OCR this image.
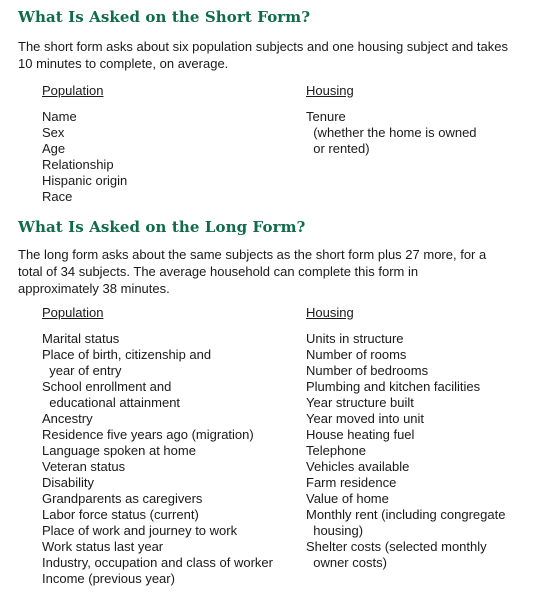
What Is Asked on the Short Form?

The short form asks about six population subjects and one housing subject and takes 10 minutes to complete, on average.

Population
Name
Sex
Age
Relationship
Hispanic origin
Race
Housing
Tenure
(whether the home is owned
or rented)
What Is Asked on the Long Form?

The long form asks about the same subjects as the short form plus 27 more, for a total of 34 subjects. The average household can complete this form in approximately 38 minutes.

Population
Marital status
Place of birth, citizenship and
year of entry
School enrollment and
educational attainment
Ancestry
Residence five years ago (migration)
Language spoken at home
Veteran status
Disability
Grandparents as caregivers
Labor force status (current)
Place of work and journey to work
Work status last year
Industry, occupation and class of worker
Income (previous year)
Housing
Units in structure
Number of rooms
Number of bedrooms
Plumbing and kitchen facilities
Year structure built
Year moved into unit
House heating fuel
Telephone
Vehicles available
Farm residence
Value of home
Monthly rent (including congregate
housing)
Shelter costs (selected monthly
owner costs)
